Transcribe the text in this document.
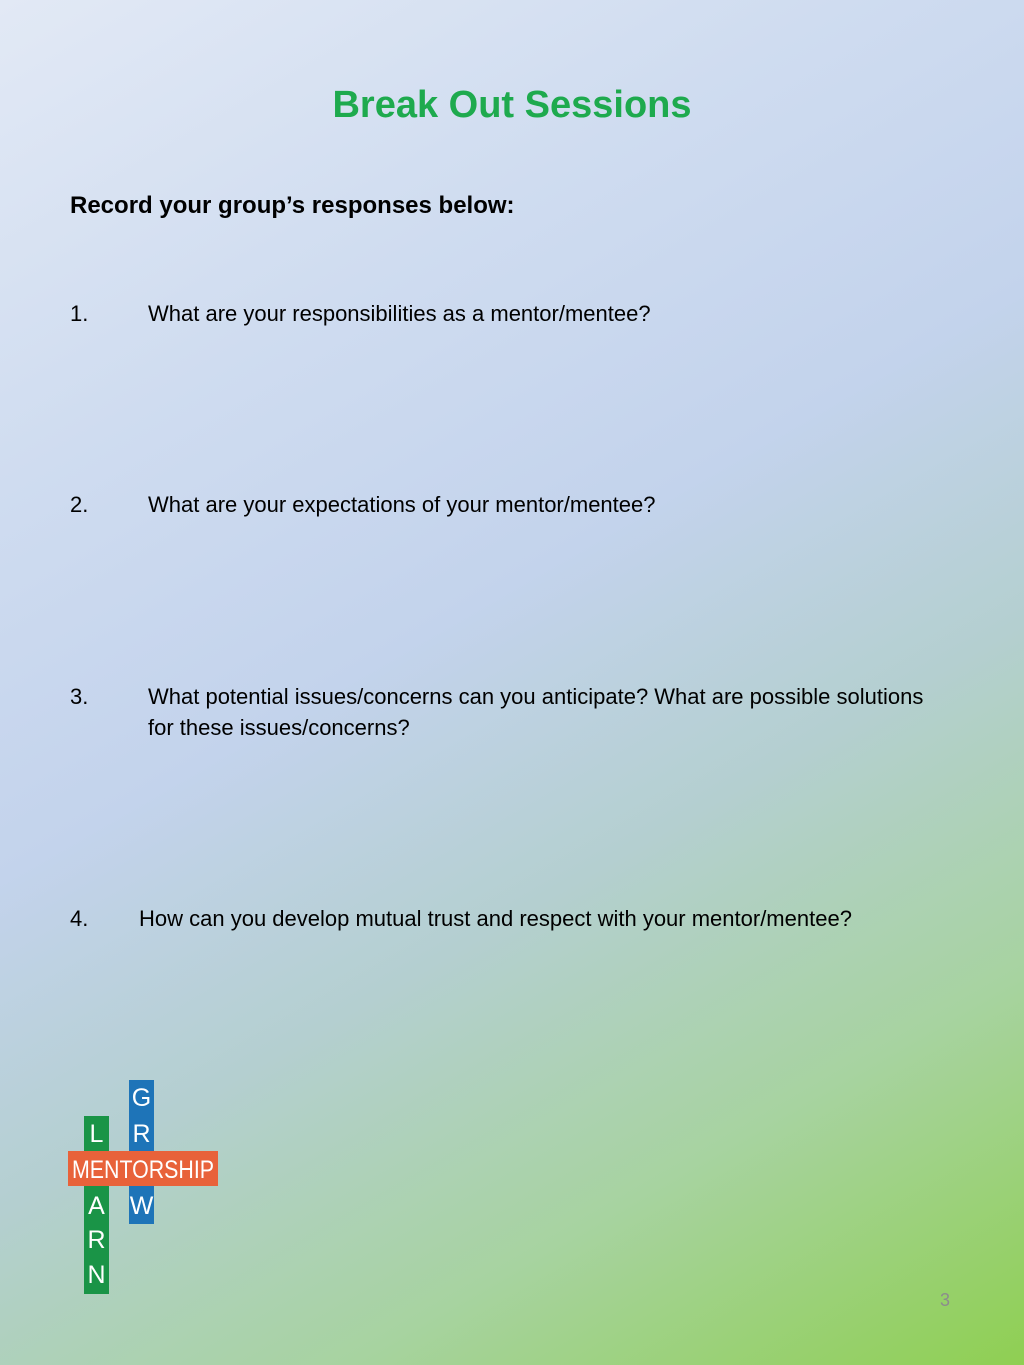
Break Out Sessions
Record your group’s responses below:
1.	What are your responsibilities as a mentor/mentee?
2.	What are your expectations of your mentor/mentee?
3.	What potential issues/concerns can you anticipate? What are possible solutions for these issues/concerns?
4. How can you develop mutual trust and respect with your mentor/mentee?
G
R
W
L
A
R
N
MENTORSHIP
3
